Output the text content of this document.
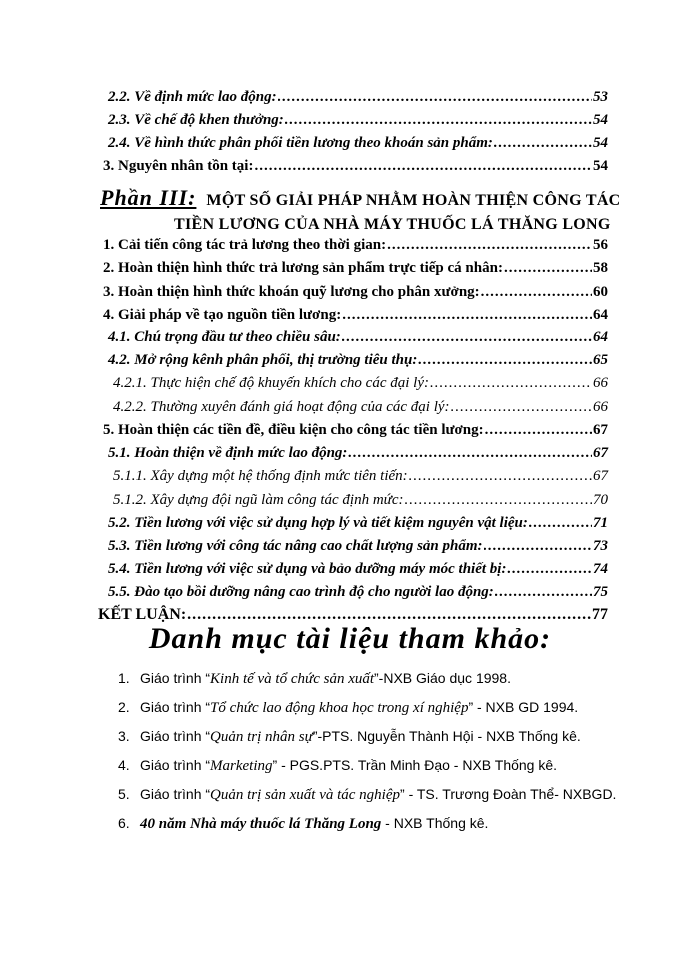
2.2. Về định mức lao động: .....	53
2.3. Về chế độ khen thưởng: .....	54
2.4. Về hình thức phân phối tiền lương theo khoán sản phẩm: .....	54
3. Nguyên nhân tồn tại: .....	54
Phần III: MỘT SỐ GIẢI PHÁP NHẰM HOÀN THIỆN CÔNG TÁC
TIỀN LƯƠNG CỦA NHÀ MÁY THUỐC LÁ THĂNG LONG
1. Cải tiến công tác trả lương theo thời gian: .....	56
2. Hoàn thiện hình thức trả lương sản phẩm trực tiếp cá nhân: .....	58
3. Hoàn thiện hình thức khoán quỹ lương cho phân xưởng: .....	60
4. Giải pháp về tạo nguồn tiền lương: .....	64
4.1. Chú trọng đầu tư theo chiều sâu: .....	64
4.2. Mở rộng kênh phân phối, thị trường tiêu thụ: .....	65
4.2.1. Thực hiện chế độ khuyến khích cho các đại lý: .....	66
4.2.2. Thường xuyên đánh giá hoạt động của các đại lý: .....	66
5. Hoàn thiện các tiền đề, điều kiện cho công tác tiền lương: .....	67
5.1. Hoàn thiện về định mức lao động: .....	67
5.1.1. Xây dựng một hệ thống định mức tiên tiến: .....	67
5.1.2. Xây dựng đội ngũ làm công tác định mức: .....	70
5.2. Tiền lương với việc sử dụng hợp lý và tiết kiệm nguyên vật liệu: .....	71
5.3. Tiền lương với công tác nâng cao chất lượng sản phẩm: .....	73
5.4. Tiền lương với việc sử dụng và bảo dưỡng máy móc thiết bị: .....	74
5.5. Đào tạo bồi dưỡng nâng cao trình độ cho người lao động: .....	75
KẾT LUẬN: .....	77
Danh mục tài liệu tham khảo:
1. Giáo trình “Kinh tế và tổ chức sản xuất”-NXB Giáo dục 1998.
2. Giáo trình “Tổ chức lao động khoa học trong xí nghiệp” - NXB GD 1994.
3. Giáo trình “Quản trị nhân sự”-PTS. Nguyễn Thành Hội - NXB Thống kê.
4. Giáo trình “Marketing” - PGS.PTS. Trần Minh Đạo - NXB Thống kê.
5. Giáo trình “Quản trị sản xuất và tác nghiệp” - TS. Trương Đoàn Thể- NXBGD.
6. 40 năm Nhà máy thuốc lá Thăng Long - NXB Thống kê.
